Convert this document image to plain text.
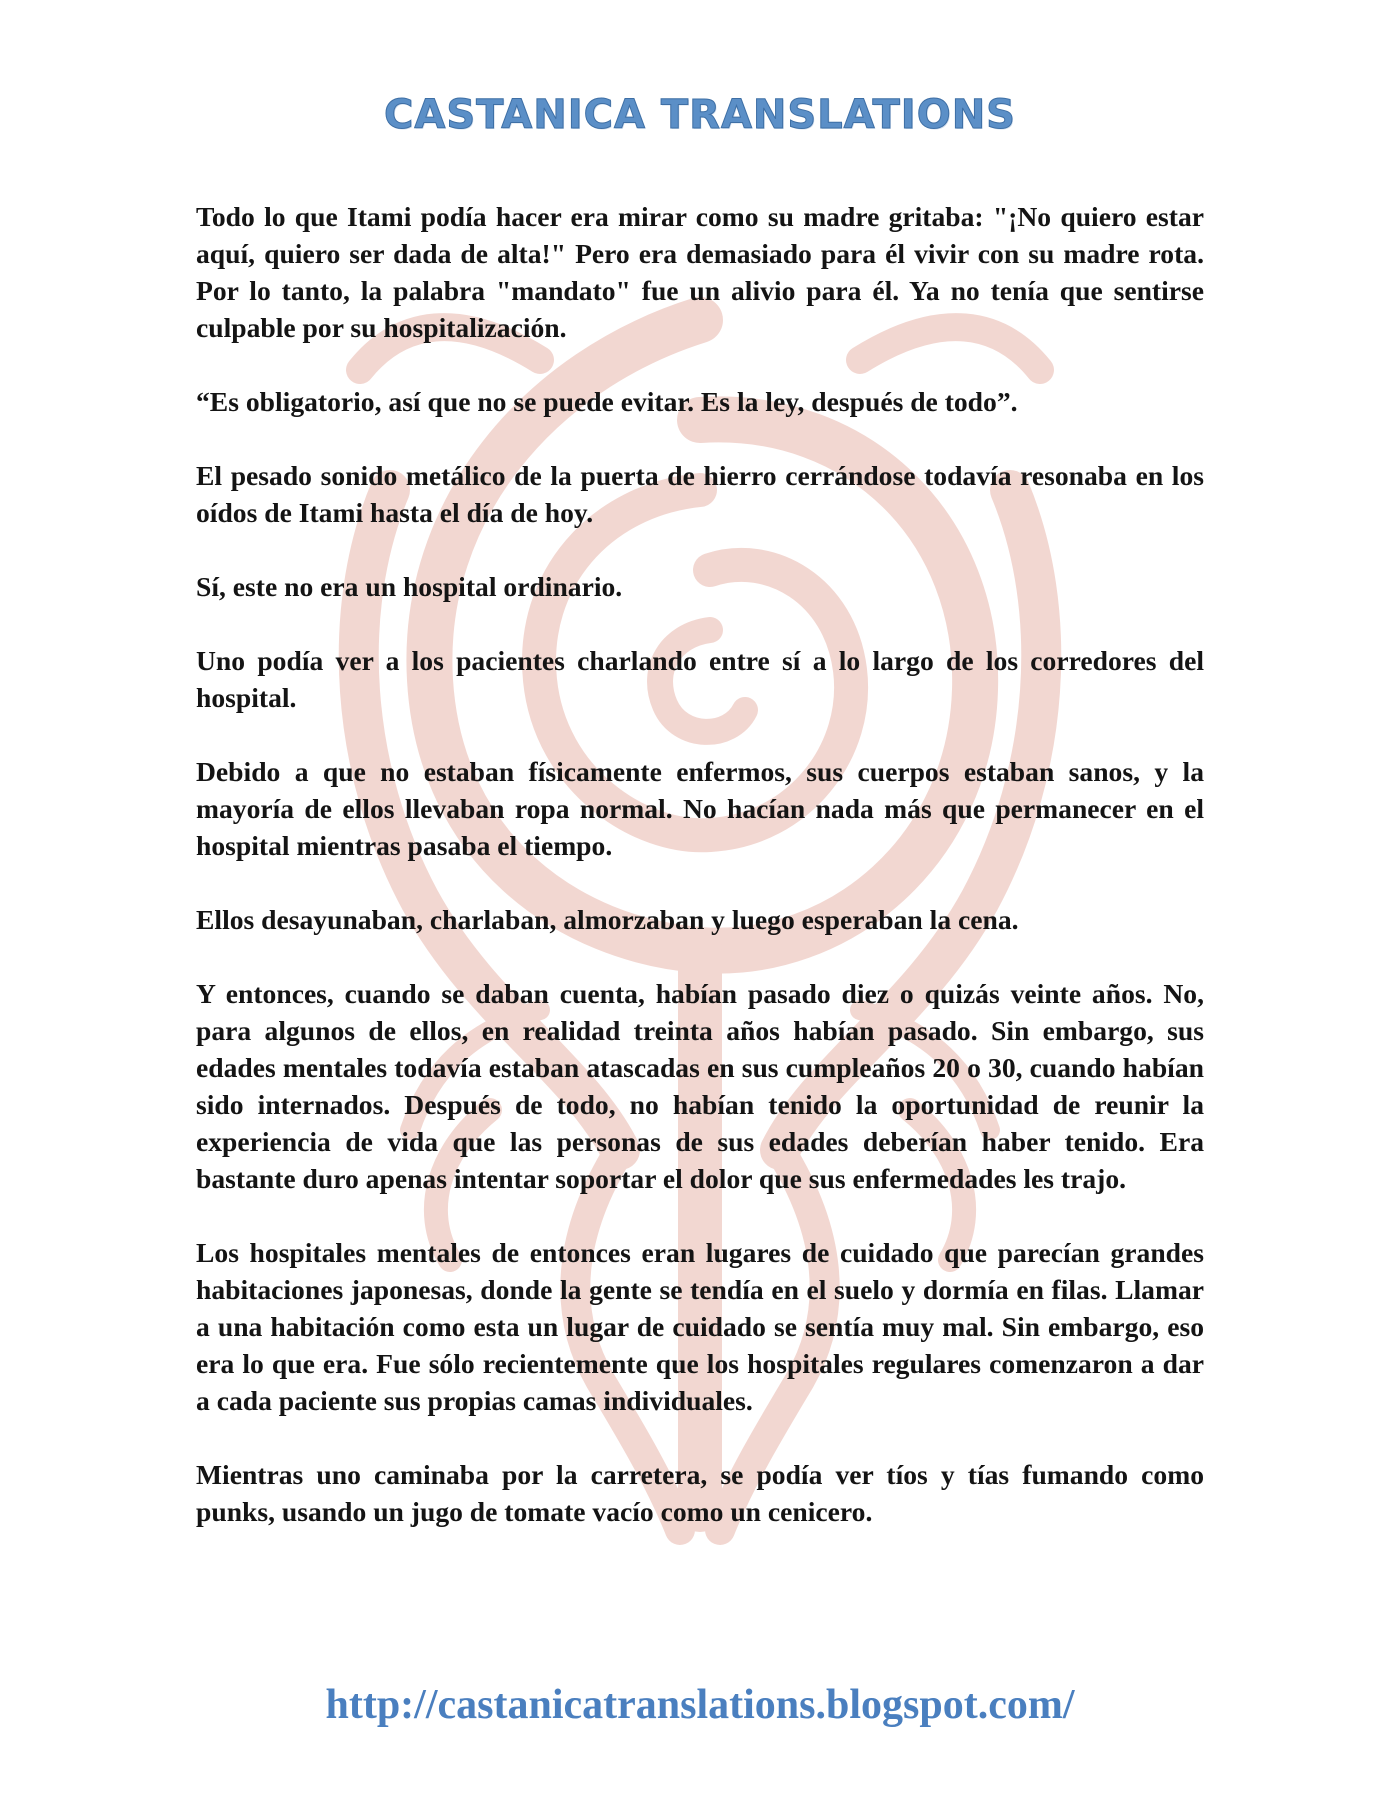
CASTANICA TRANSLATIONS

Todo lo que Itami podía hacer era mirar como su madre gritaba: "¡No quiero estar aquí, quiero ser dada de alta!" Pero era demasiado para él vivir con su madre rota. Por lo tanto, la palabra "mandato" fue un alivio para él. Ya no tenía que sentirse culpable por su hospitalización.

“Es obligatorio, así que no se puede evitar. Es la ley, después de todo”.

El pesado sonido metálico de la puerta de hierro cerrándose todavía resonaba en los oídos de Itami hasta el día de hoy.

Sí, este no era un hospital ordinario.

Uno podía ver a los pacientes charlando entre sí a lo largo de los corredores del hospital.

Debido a que no estaban físicamente enfermos, sus cuerpos estaban sanos, y la mayoría de ellos llevaban ropa normal. No hacían nada más que permanecer en el hospital mientras pasaba el tiempo.

Ellos desayunaban, charlaban, almorzaban y luego esperaban la cena.

Y entonces, cuando se daban cuenta, habían pasado diez o quizás veinte años. No, para algunos de ellos, en realidad treinta años habían pasado. Sin embargo, sus edades mentales todavía estaban atascadas en sus cumpleaños 20 o 30, cuando habían sido internados. Después de todo, no habían tenido la oportunidad de reunir la experiencia de vida que las personas de sus edades deberían haber tenido. Era bastante duro apenas intentar soportar el dolor que sus enfermedades les trajo.

Los hospitales mentales de entonces eran lugares de cuidado que parecían grandes habitaciones japonesas, donde la gente se tendía en el suelo y dormía en filas. Llamar a una habitación como esta un lugar de cuidado se sentía muy mal. Sin embargo, eso era lo que era. Fue sólo recientemente que los hospitales regulares comenzaron a dar a cada paciente sus propias camas individuales.

Mientras uno caminaba por la carretera, se podía ver tíos y tías fumando como punks, usando un jugo de tomate vacío como un cenicero.

http://castanicatranslations.blogspot.com/
